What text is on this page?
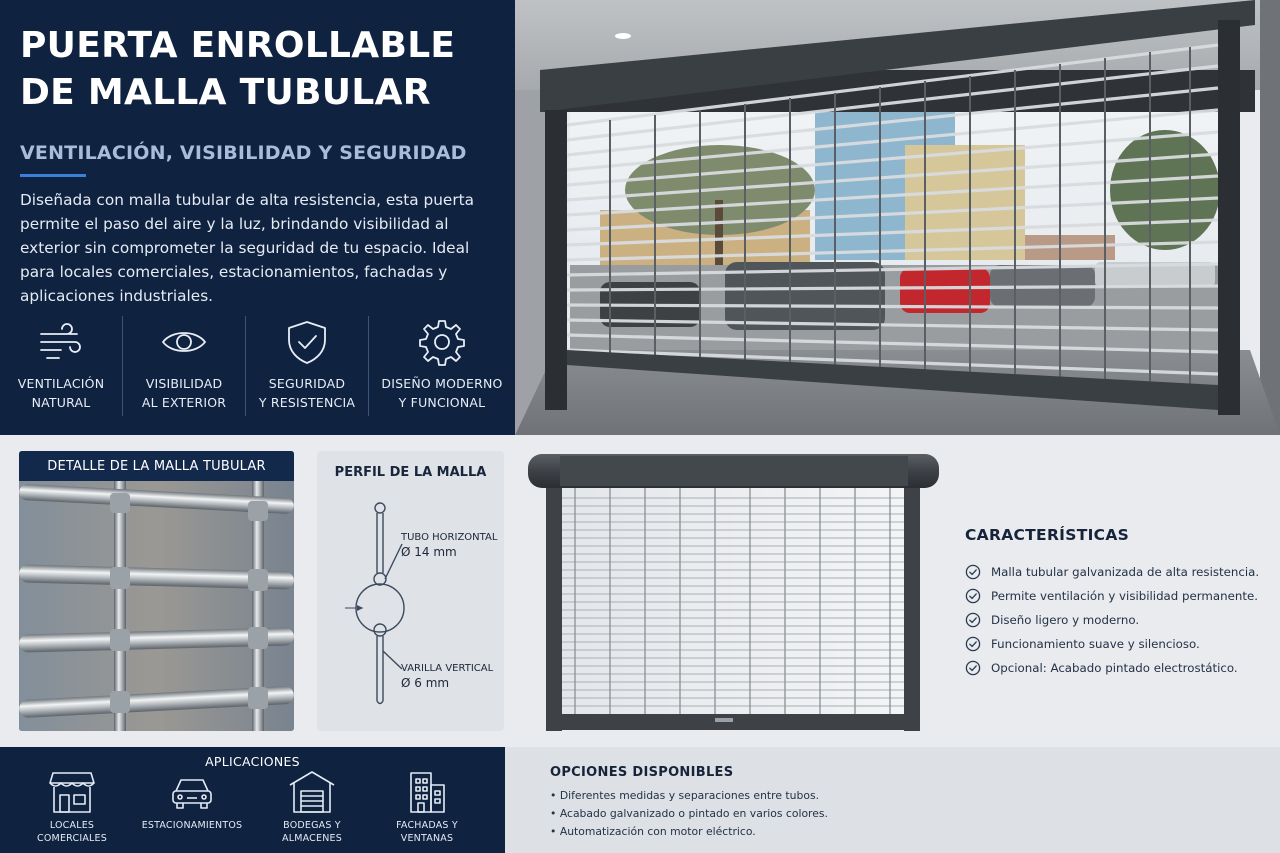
PUERTA ENROLLABLE DE MALLA TUBULAR
VENTILACIÓN, VISIBILIDAD Y SEGURIDAD

Diseñada con malla tubular de alta resistencia, esta puerta permite el paso del aire y la luz, brindando visibilidad al exterior sin comprometer la seguridad de tu espacio. Ideal para locales comerciales, estacionamientos, fachadas y aplicaciones industriales.

VENTILACIÓN
NATURAL
VISIBILIDAD
AL EXTERIOR
SEGURIDAD
Y RESISTENCIA
DISEÑO MODERNO
Y FUNCIONAL
DETALLE DE LA MALLA TUBULAR	PERFIL DE LA MALLA
TUBO HORIZONTAL
Ø 14 mm
VARILLA VERTICAL
Ø 6 mm
CARACTERÍSTICAS
Malla tubular galvanizada de alta resistencia.
Permite ventilación y visibilidad permanente.
Diseño ligero y moderno.
Funcionamiento suave y silencioso.
Opcional: Acabado pintado electrostático.
APLICACIONES
LOCALES
COMERCIALES
ESTACIONAMIENTOS	BODEGAS Y
ALMACENES
FACHADAS Y
VENTANAS
OPCIONES DISPONIBLES
• Diferentes medidas y separaciones entre tubos.
• Acabado galvanizado o pintado en varios colores.
• Automatización con motor eléctrico.
